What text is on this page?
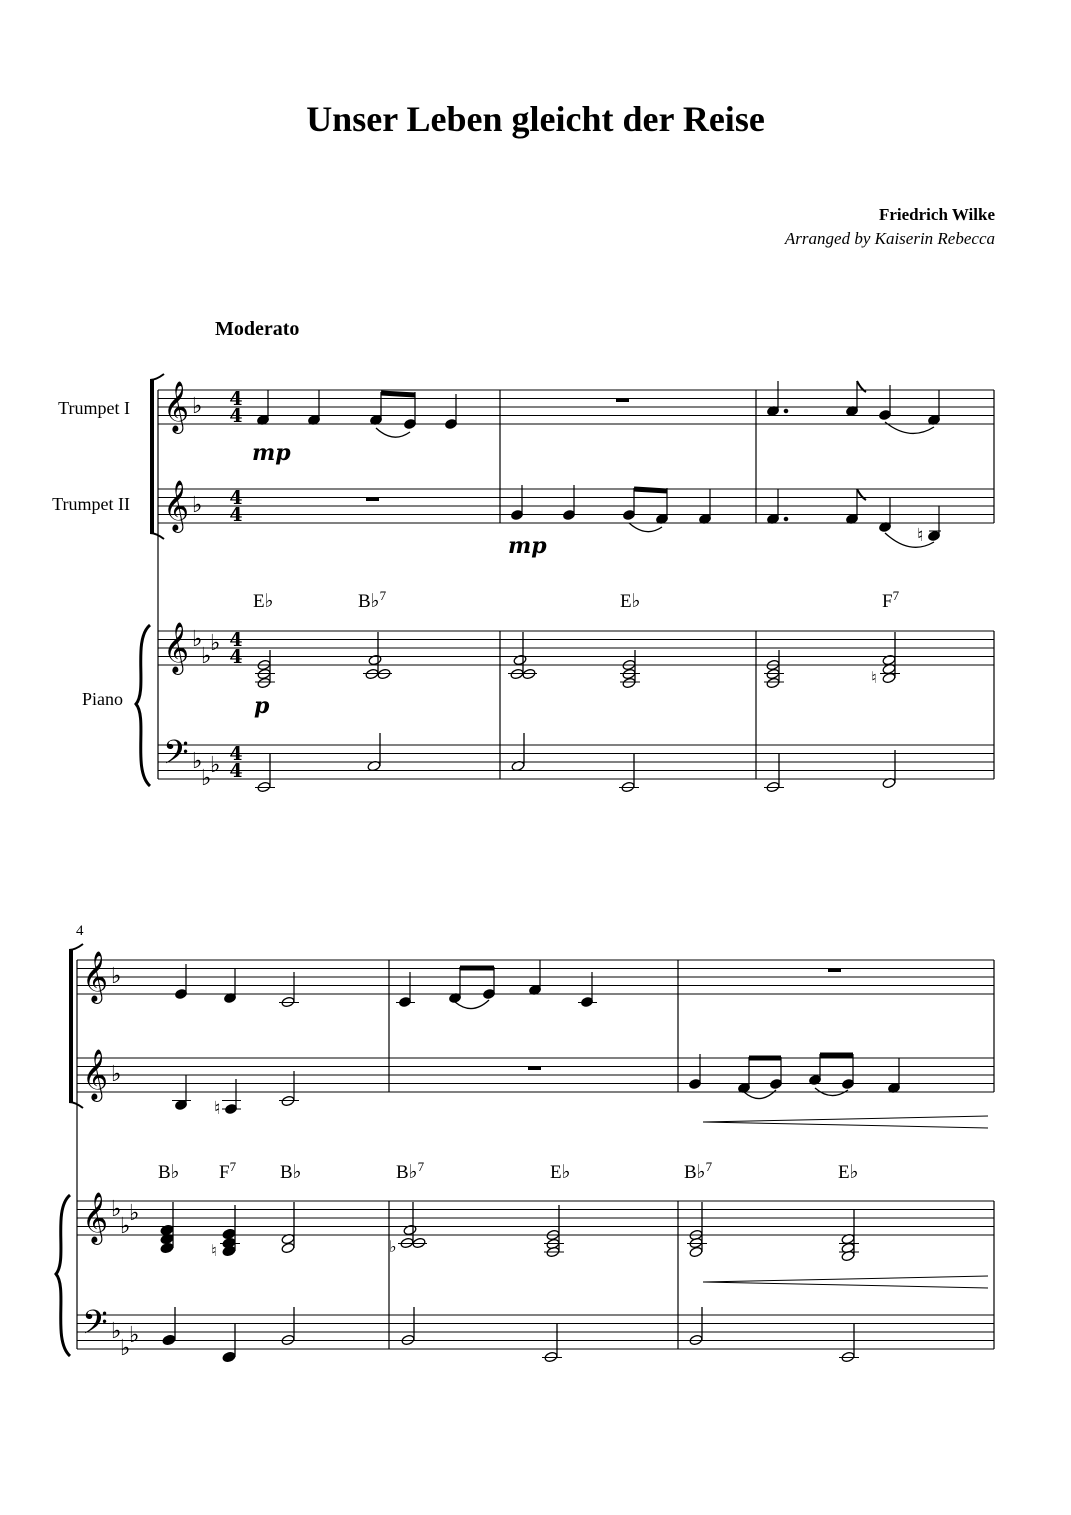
Unser Leben gleicht der Reise
Friedrich Wilke
Arranged by Kaiserin Rebecca
Moderato
Trumpet I
Trumpet II
Piano
4
𝄞
𝄞
𝄞
𝄢
♭
♭
♭
♭
♭
♭
♭
♭
4
4
4
4
4
4
4
4
♮
♮
E♭	B♭$^7$	E♭	$F^7$
mp
mp
p
𝄞
𝄞
𝄞
𝄢
♭
♭
♭
♭
♭
♭
♭
♭
♮
♮	♭
B♭ $F^7$ B♭	B♭$^7$	E♭	B♭$^7$	E♭
